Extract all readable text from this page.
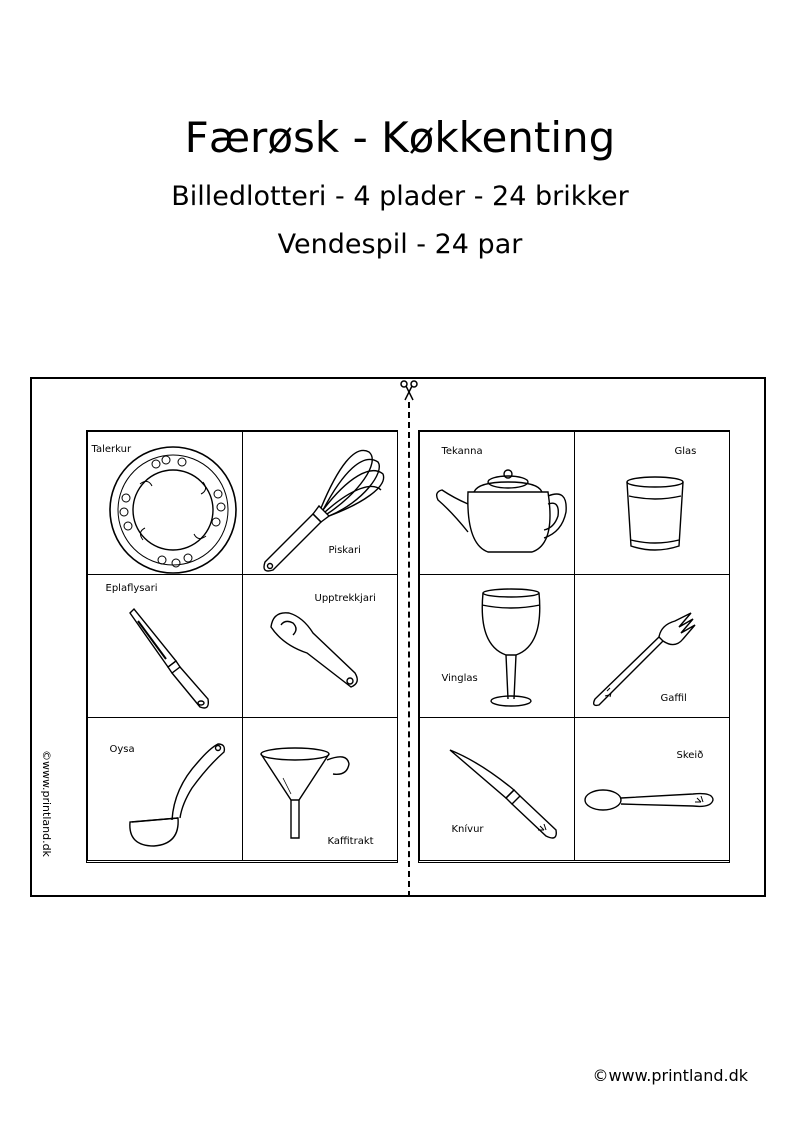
Færøsk - Køkkenting
Billedlotteri - 4 plader - 24 brikker
Vendespil - 24 par
Talerkur
Piskari
Eplaflysari
Upptrekkjari
Oysa
Kaffitrakt
Tekanna	Glas
Vinglas
Gaffil
Knívur
Skeið
©www.printland.dk
©www.printland.dk
